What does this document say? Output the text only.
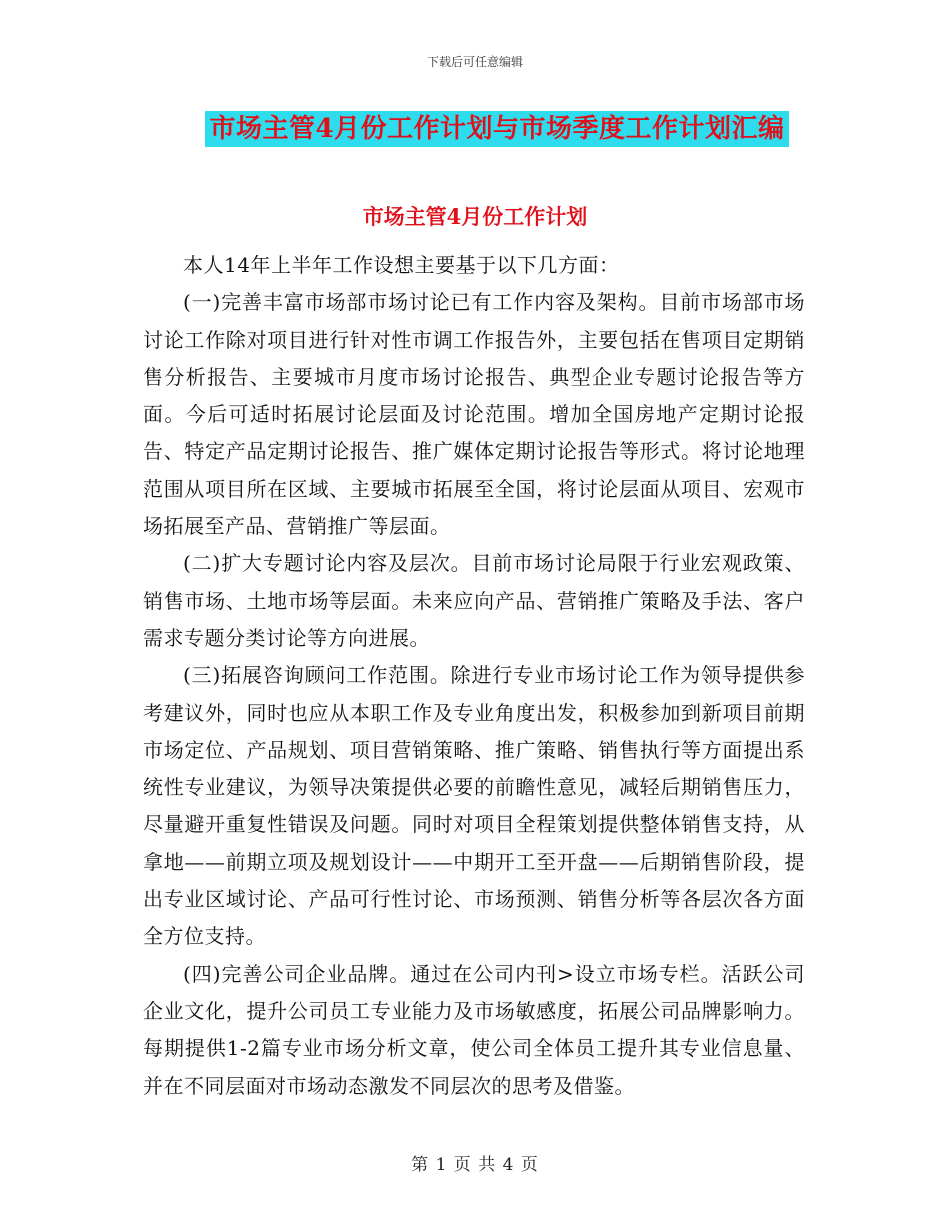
下载后可任意编辑
市场主管4月份工作计划与市场季度工作计划汇编
市场主管4月份工作计划

本人14年上半年工作设想主要基于以下几方面：

(一)完善丰富市场部市场讨论已有工作内容及架构。目前市场部市场讨论工作除对项目进行针对性市调工作报告外，主要包括在售项目定期销售分析报告、主要城市月度市场讨论报告、典型企业专题讨论报告等方面。今后可适时拓展讨论层面及讨论范围。增加全国房地产定期讨论报告、特定产品定期讨论报告、推广媒体定期讨论报告等形式。将讨论地理范围从项目所在区域、主要城市拓展至全国，将讨论层面从项目、宏观市场拓展至产品、营销推广等层面。

(二)扩大专题讨论内容及层次。目前市场讨论局限于行业宏观政策、销售市场、土地市场等层面。未来应向产品、营销推广策略及手法、客户需求专题分类讨论等方向进展。

(三)拓展咨询顾问工作范围。除进行专业市场讨论工作为领导提供参考建议外，同时也应从本职工作及专业角度出发，积极参加到新项目前期市场定位、产品规划、项目营销策略、推广策略、销售执行等方面提出系统性专业建议，为领导决策提供必要的前瞻性意见，减轻后期销售压力，尽量避开重复性错误及问题。同时对项目全程策划提供整体销售支持，从拿地——前期立项及规划设计——中期开工至开盘——后期销售阶段，提出专业区域讨论、产品可行性讨论、市场预测、销售分析等各层次各方面全方位支持。

(四)完善公司企业品牌。通过在公司内刊>设立市场专栏。活跃公司企业文化，提升公司员工专业能力及市场敏感度，拓展公司品牌影响力。每期提供1-2篇专业市场分析文章，使公司全体员工提升其专业信息量、并在不同层面对市场动态激发不同层次的思考及借鉴。

第 1 页 共 4 页
